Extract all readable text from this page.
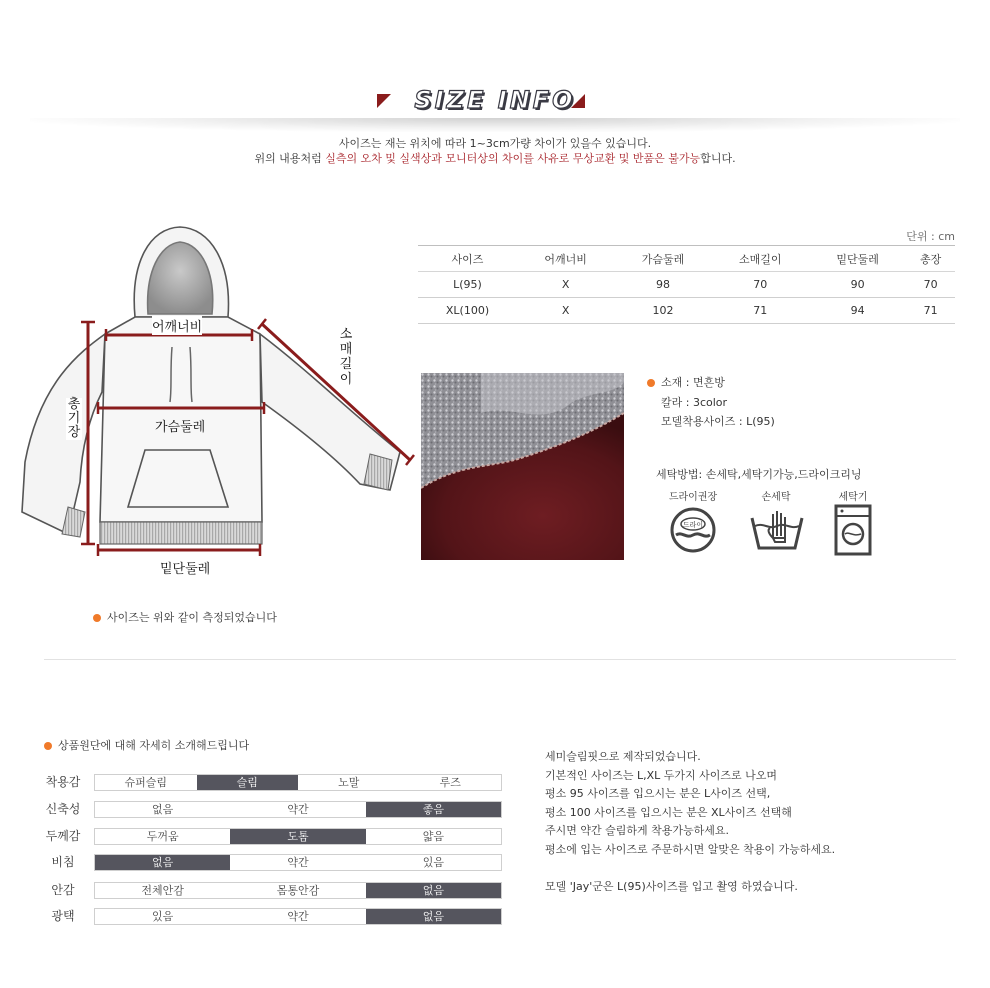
SIZE INFO
사이즈는 재는 위치에 따라 1~3cm가량 차이가 있을수 있습니다.
위의 내용처럼 실측의 오차 및 실색상과 모니터상의 차이를 사유로 무상교환 및 반품은 불가능합니다.
어깨너비
가슴둘레
밑단둘레
소
매
길
이
총
기
장
사이즈는 위와 같이 측정되었습니다
단위 : cm
사이즈	어깨너비	가슴둘레	소매길이	밑단둘레	총장
L(95)	X	98	70	90	70
XL(100)	X	102	71	94	71
소재 : 면흔방
칼라 : 3color
모델착용사이즈 : L(95)
세탁방법: 손세탁,세탁기가능,드라이크리닝
드라이권장	손세탁	세탁기
드라이
상품원단에 대해 자세히 소개해드립니다
착용감	슈퍼슬림	슬림	노말	루즈
신축성	없음	약간	좋음
두께감	두꺼움	도톰	얇음
비침	없음	약간	있음
안감	전체안감	몸통안감	없음
광택	있음	약간	없음

세미슬림핏으로 제작되었습니다.

기본적인 사이즈는 L,XL 두가지 사이즈로 나오며

평소 95 사이즈를 입으시는 분은 L사이즈 선택,

평소 100 사이즈를 입으시는 분은 XL사이즈 선택해

주시면 약간 슬림하게 착용가능하세요.

평소에 입는 사이즈로 주문하시면 알맞은 착용이 가능하세요.

모델 'Jay'군은 L(95)사이즈를 입고 촬영 하였습니다.
